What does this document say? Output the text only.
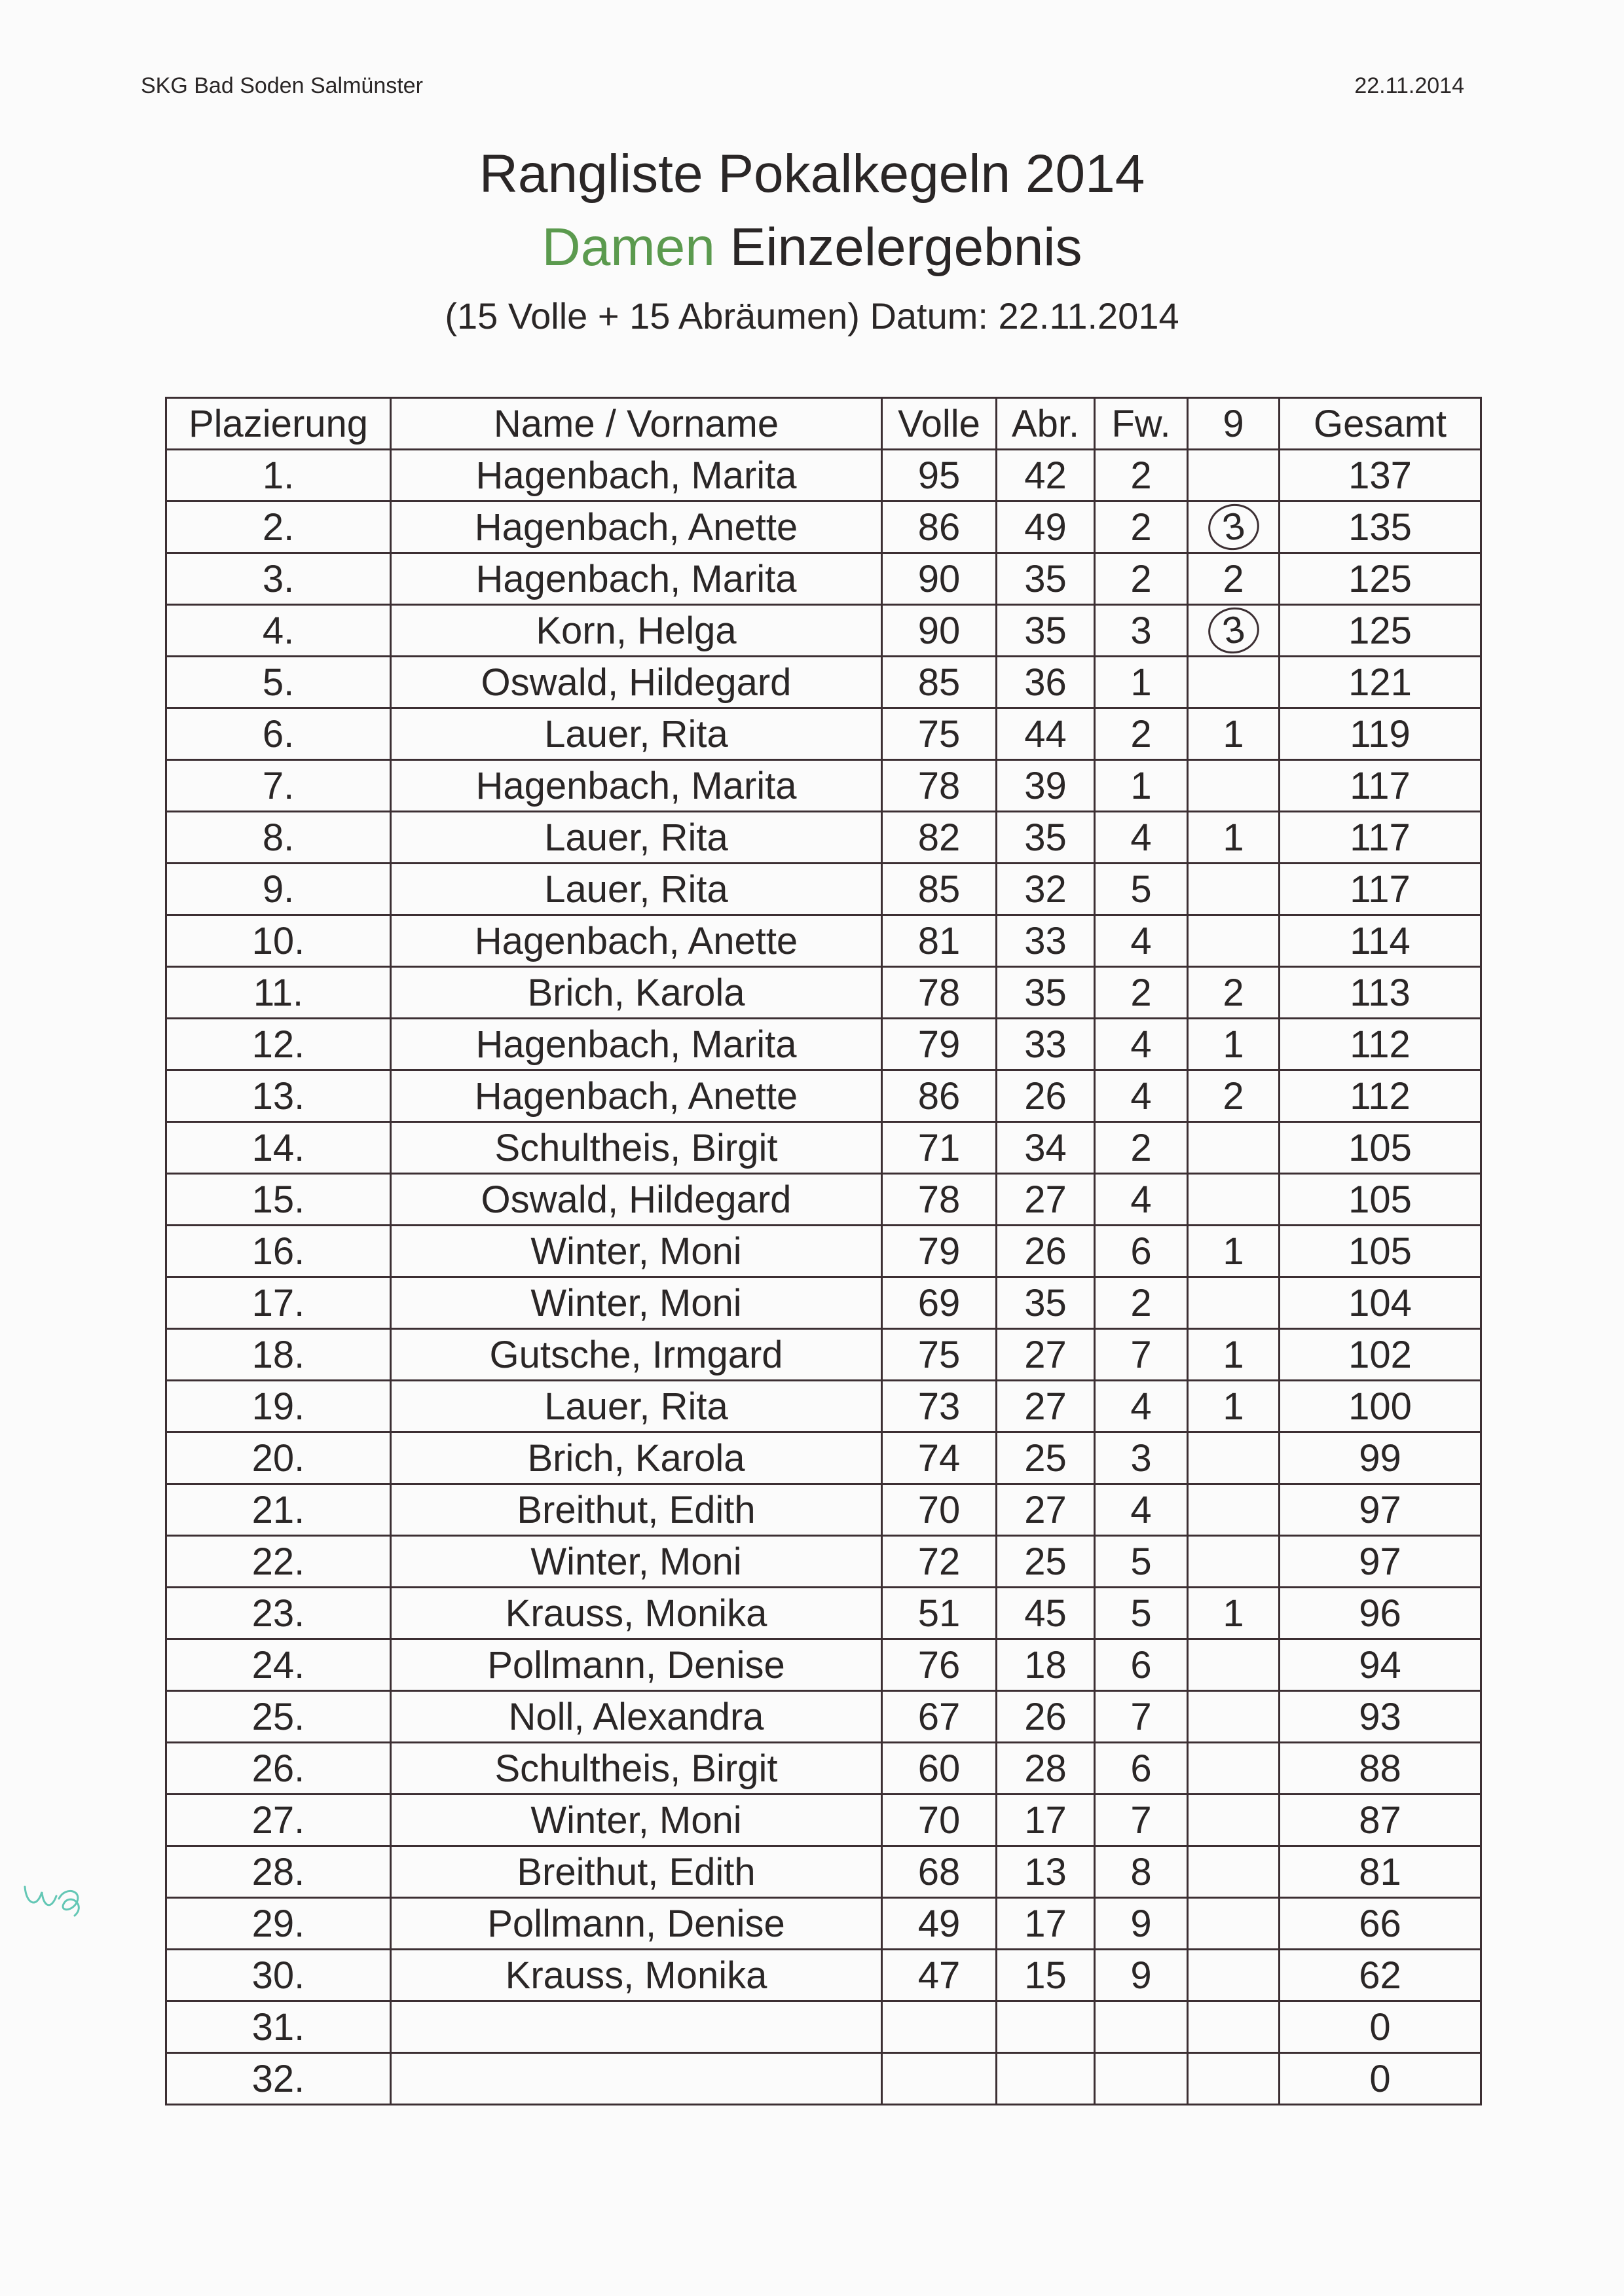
SKG Bad Soden Salmünster	22.11.2014
Rangliste Pokalkegeln 2014
Damen Einzelergebnis
(15 Volle + 15 Abräumen) Datum: 22.11.2014
Plazierung	Name / Vorname	Volle	Abr.	Fw.	9	Gesamt
1.	Hagenbach, Marita	95	42	2		137
2.	Hagenbach, Anette	86	49	2	3	135
3.	Hagenbach, Marita	90	35	2	2	125
4.	Korn, Helga	90	35	3	3	125
5.	Oswald, Hildegard	85	36	1		121
6.	Lauer, Rita	75	44	2	1	119
7.	Hagenbach, Marita	78	39	1		117
8.	Lauer, Rita	82	35	4	1	117
9.	Lauer, Rita	85	32	5		117
10.	Hagenbach, Anette	81	33	4		114
11.	Brich, Karola	78	35	2	2	113
12.	Hagenbach, Marita	79	33	4	1	112
13.	Hagenbach, Anette	86	26	4	2	112
14.	Schultheis, Birgit	71	34	2		105
15.	Oswald, Hildegard	78	27	4		105
16.	Winter, Moni	79	26	6	1	105
17.	Winter, Moni	69	35	2		104
18.	Gutsche, Irmgard	75	27	7	1	102
19.	Lauer, Rita	73	27	4	1	100
20.	Brich, Karola	74	25	3		99
21.	Breithut, Edith	70	27	4		97
22.	Winter, Moni	72	25	5		97
23.	Krauss, Monika	51	45	5	1	96
24.	Pollmann, Denise	76	18	6		94
25.	Noll, Alexandra	67	26	7		93
26.	Schultheis, Birgit	60	28	6		88
27.	Winter, Moni	70	17	7		87
28.	Breithut, Edith	68	13	8		81
29.	Pollmann, Denise	49	17	9		66
30.	Krauss, Monika	47	15	9		62
31.						0
32.						0
